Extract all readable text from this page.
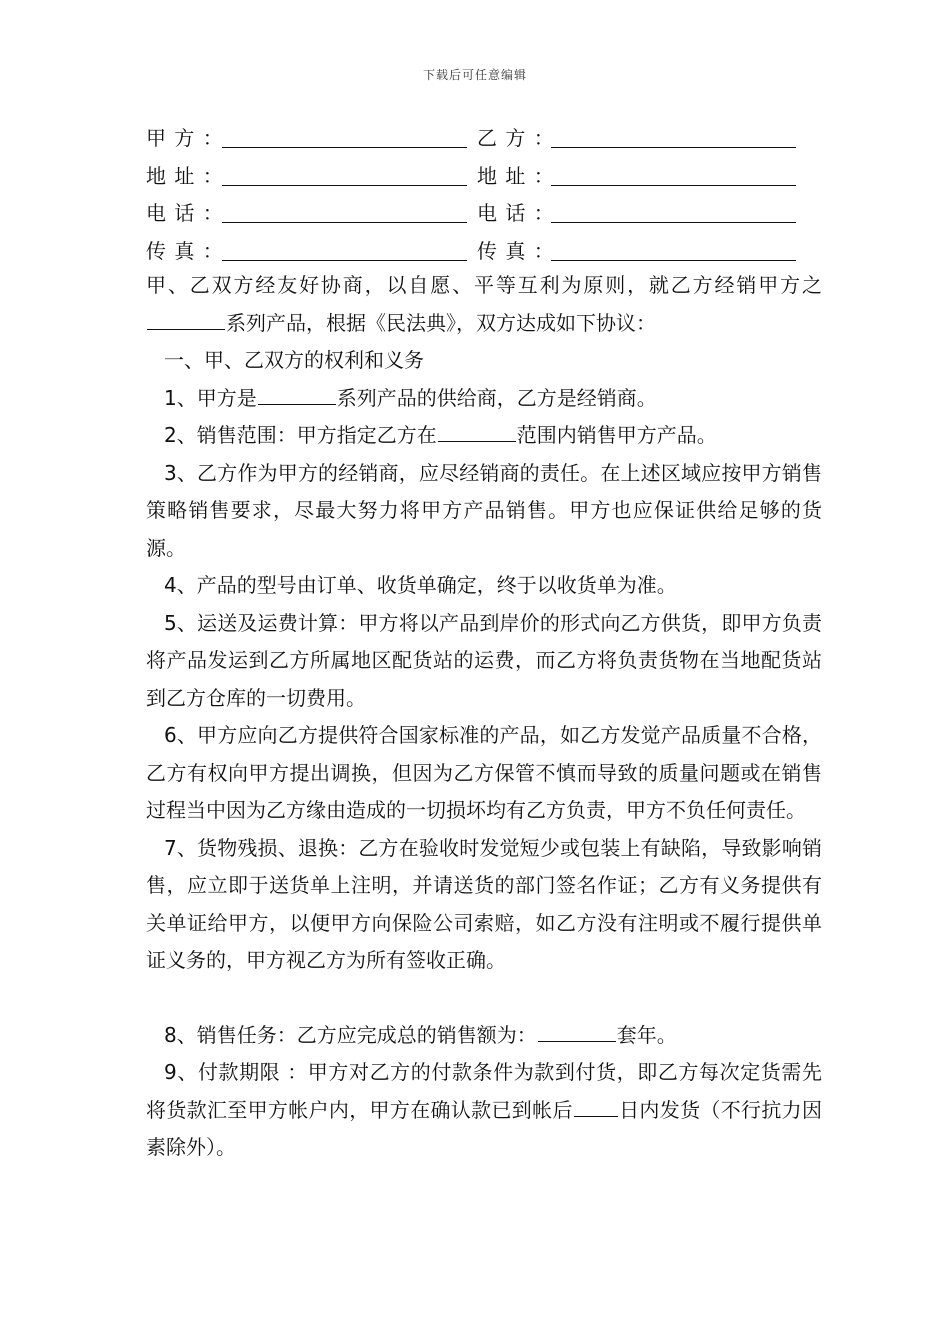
下载后可任意编辑
甲 方 ：	乙 方 ：
地 址 ：	地 址 ：
电 话 ：	电 话 ：
传 真 ：	传 真 ：

甲、乙双方经友好协商，以自愿、平等互利为原则，就乙方经销甲方之系列产品，根据《民法典》，双方达成如下协议：

一、甲、乙双方的权利和义务

1、甲方是	系列产品的供给商，乙方是经销商。

2、销售范围：甲方指定乙方在	范围内销售甲方产品。

3、乙方作为甲方的经销商，应尽经销商的责任。在上述区域应按甲方销售策略销售要求，尽最大努力将甲方产品销售。甲方也应保证供给足够的货源。

4、产品的型号由订单、收货单确定，终于以收货单为准。

5、运送及运费计算：甲方将以产品到岸价的形式向乙方供货，即甲方负责将产品发运到乙方所属地区配货站的运费，而乙方将负责货物在当地配货站到乙方仓库的一切费用。

6、甲方应向乙方提供符合国家标准的产品，如乙方发觉产品质量不合格，乙方有权向甲方提出调换，但因为乙方保管不慎而导致的质量问题或在销售过程当中因为乙方缘由造成的一切损坏均有乙方负责，甲方不负任何责任。

7、货物残损、退换：乙方在验收时发觉短少或包装上有缺陷，导致影响销售，应立即于送货单上注明，并请送货的部门签名作证；乙方有义务提供有关单证给甲方，以便甲方向保险公司索赔，如乙方没有注明或不履行提供单证义务的，甲方视乙方为所有签收正确。

8、销售任务：乙方应完成总的销售额为：	套年。

9、付款期限 ：甲方对乙方的付款条件为款到付货，即乙方每次定货需先将货款汇至甲方帐户内，甲方在确认款已到帐后 日内发货（不行抗力因素除外）。
